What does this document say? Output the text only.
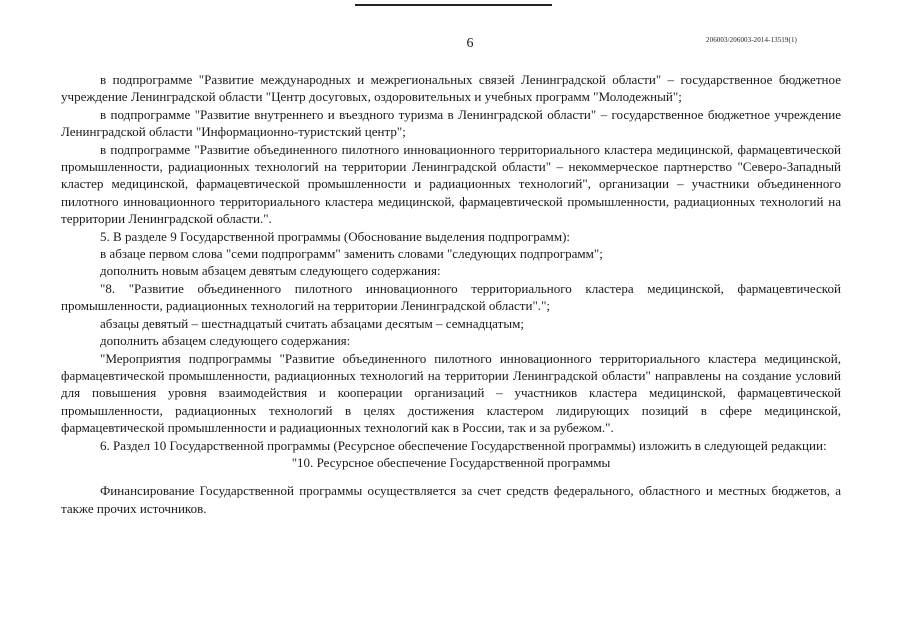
206003/206003-2014-13519(1)
6

в подпрограмме "Развитие международных и межрегиональных связей Ленинградской области" – государственное бюджетное учреждение Ленинградской области "Центр досуговых, оздоровительных и учебных программ "Молодежный";

в подпрограмме "Развитие внутреннего и въездного туризма в Ленинградской области" – государственное бюджетное учреждение Ленинградской области "Информационно-туристский центр";

в подпрограмме "Развитие объединенного пилотного инновационного территориального кластера медицинской, фармацевтической промышленности, радиационных технологий на территории Ленинградской области" – некоммерческое партнерство "Северо-Западный кластер медицинской, фармацевтической промышленности и радиационных технологий", организации – участники объединенного пилотного инновационного территориального кластера медицинской, фармацевтической промышленности, радиационных технологий на территории Ленинградской области.".

5. В разделе 9 Государственной программы (Обоснование выделения подпрограмм):

в абзаце первом слова "семи подпрограмм" заменить словами "следующих подпрограмм";

дополнить новым абзацем девятым следующего содержания:

"8. "Развитие объединенного пилотного инновационного территориального кластера медицинской, фармацевтической промышленности, радиационных технологий на территории Ленинградской области".";

абзацы девятый – шестнадцатый считать абзацами десятым – семнадцатым;

дополнить абзацем следующего содержания:

"Мероприятия подпрограммы "Развитие объединенного пилотного инновационного территориального кластера медицинской, фармацевтической промышленности, радиационных технологий на территории Ленинградской области" направлены на создание условий для повышения уровня взаимодействия и кооперации организаций – участников кластера медицинской, фармацевтической промышленности, радиационных технологий в целях достижения кластером лидирующих позиций в сфере медицинской, фармацевтической промышленности и радиационных технологий как в России, так и за рубежом.".

6. Раздел 10 Государственной программы (Ресурсное обеспечение Государственной программы) изложить в следующей редакции:

"10. Ресурсное обеспечение Государственной программы

Финансирование Государственной программы осуществляется за счет средств федерального, областного и местных бюджетов, а также прочих источников.
